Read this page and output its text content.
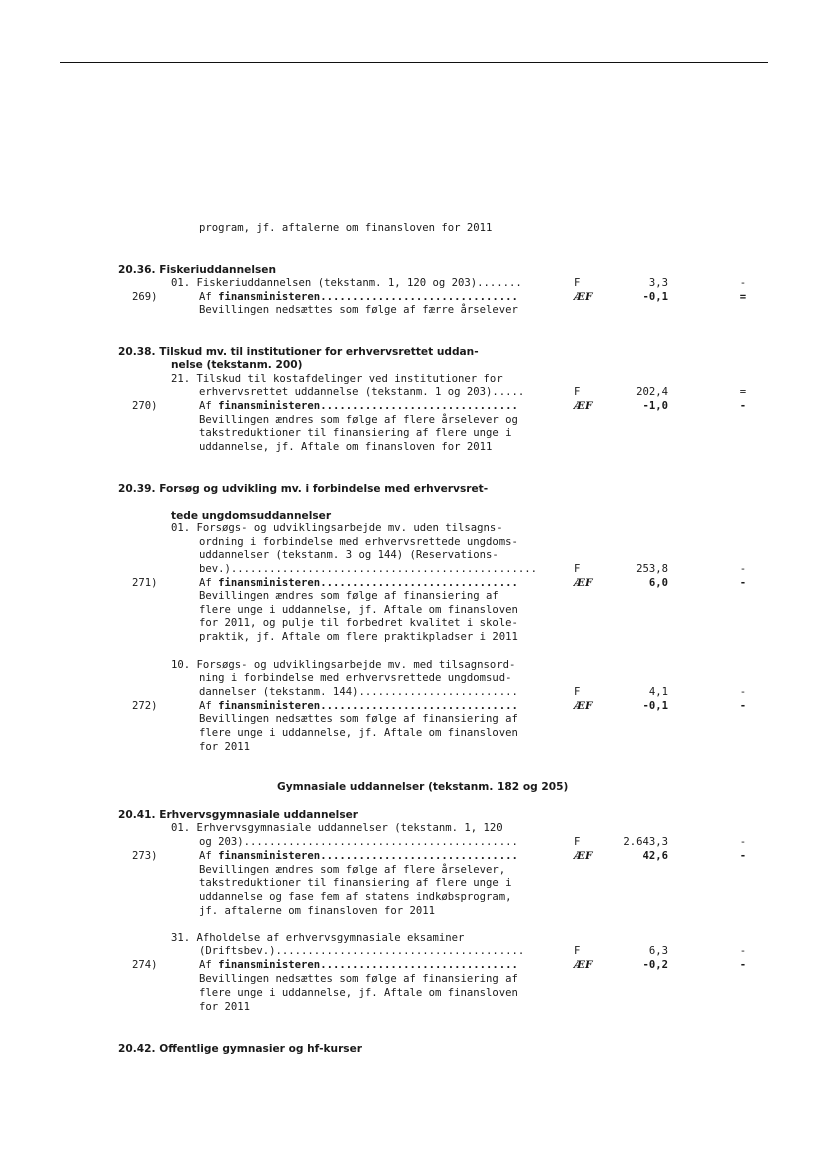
program, jf. aftalerne om finansloven for 2011
20.36. Fiskeriuddannelsen
01. Fiskeriuddannelsen (tekstanm. 1, 120 og 203).......	F	3,3	-
269)	Af finansministeren...............................	ÆF	-0,1	=
Bevillingen nedsættes som følge af færre årselever
20.38. Tilskud mv. til institutioner for erhvervsrettet uddan-
nelse (tekstanm. 200)
21. Tilskud til kostafdelinger ved institutioner for
erhvervsrettet uddannelse (tekstanm. 1 og 203).....	F	202,4	=
270)	Af finansministeren...............................	ÆF	-1,0	-
Bevillingen ændres som følge af flere årselever og
takstreduktioner til finansiering af flere unge i
uddannelse, jf. Aftale om finansloven for 2011
20.39. Forsøg og udvikling mv. i forbindelse med erhvervsret-
tede ungdomsuddannelser
01. Forsøgs- og udviklingsarbejde mv. uden tilsagns-
ordning i forbindelse med erhvervsrettede ungdoms-
uddannelser (tekstanm. 3 og 144) (Reservations-
bev.)................................................	F	253,8	-
271)	Af finansministeren...............................	ÆF	6,0	-
Bevillingen ændres som følge af finansiering af
flere unge i uddannelse, jf. Aftale om finansloven
for 2011, og pulje til forbedret kvalitet i skole-
praktik, jf. Aftale om flere praktikpladser i 2011
10. Forsøgs- og udviklingsarbejde mv. med tilsagnsord-
ning i forbindelse med erhvervsrettede ungdomsud-
dannelser (tekstanm. 144).........................	F	4,1	-
272)	Af finansministeren...............................	ÆF	-0,1	-
Bevillingen nedsættes som følge af finansiering af
flere unge i uddannelse, jf. Aftale om finansloven
for 2011
Gymnasiale uddannelser (tekstanm. 182 og 205)
20.41. Erhvervsgymnasiale uddannelser
01. Erhvervsgymnasiale uddannelser (tekstanm. 1, 120
og 203)...........................................	F	2.643,3	-
273)	Af finansministeren...............................	ÆF	42,6	-
Bevillingen ændres som følge af flere årselever,
takstreduktioner til finansiering af flere unge i
uddannelse og fase fem af statens indkøbsprogram,
jf. aftalerne om finansloven for 2011
31. Afholdelse af erhvervsgymnasiale eksaminer
(Driftsbev.).......................................	F	6,3	-
274)	Af finansministeren...............................	ÆF	-0,2	-
Bevillingen nedsættes som følge af finansiering af
flere unge i uddannelse, jf. Aftale om finansloven
for 2011
20.42. Offentlige gymnasier og hf-kurser
